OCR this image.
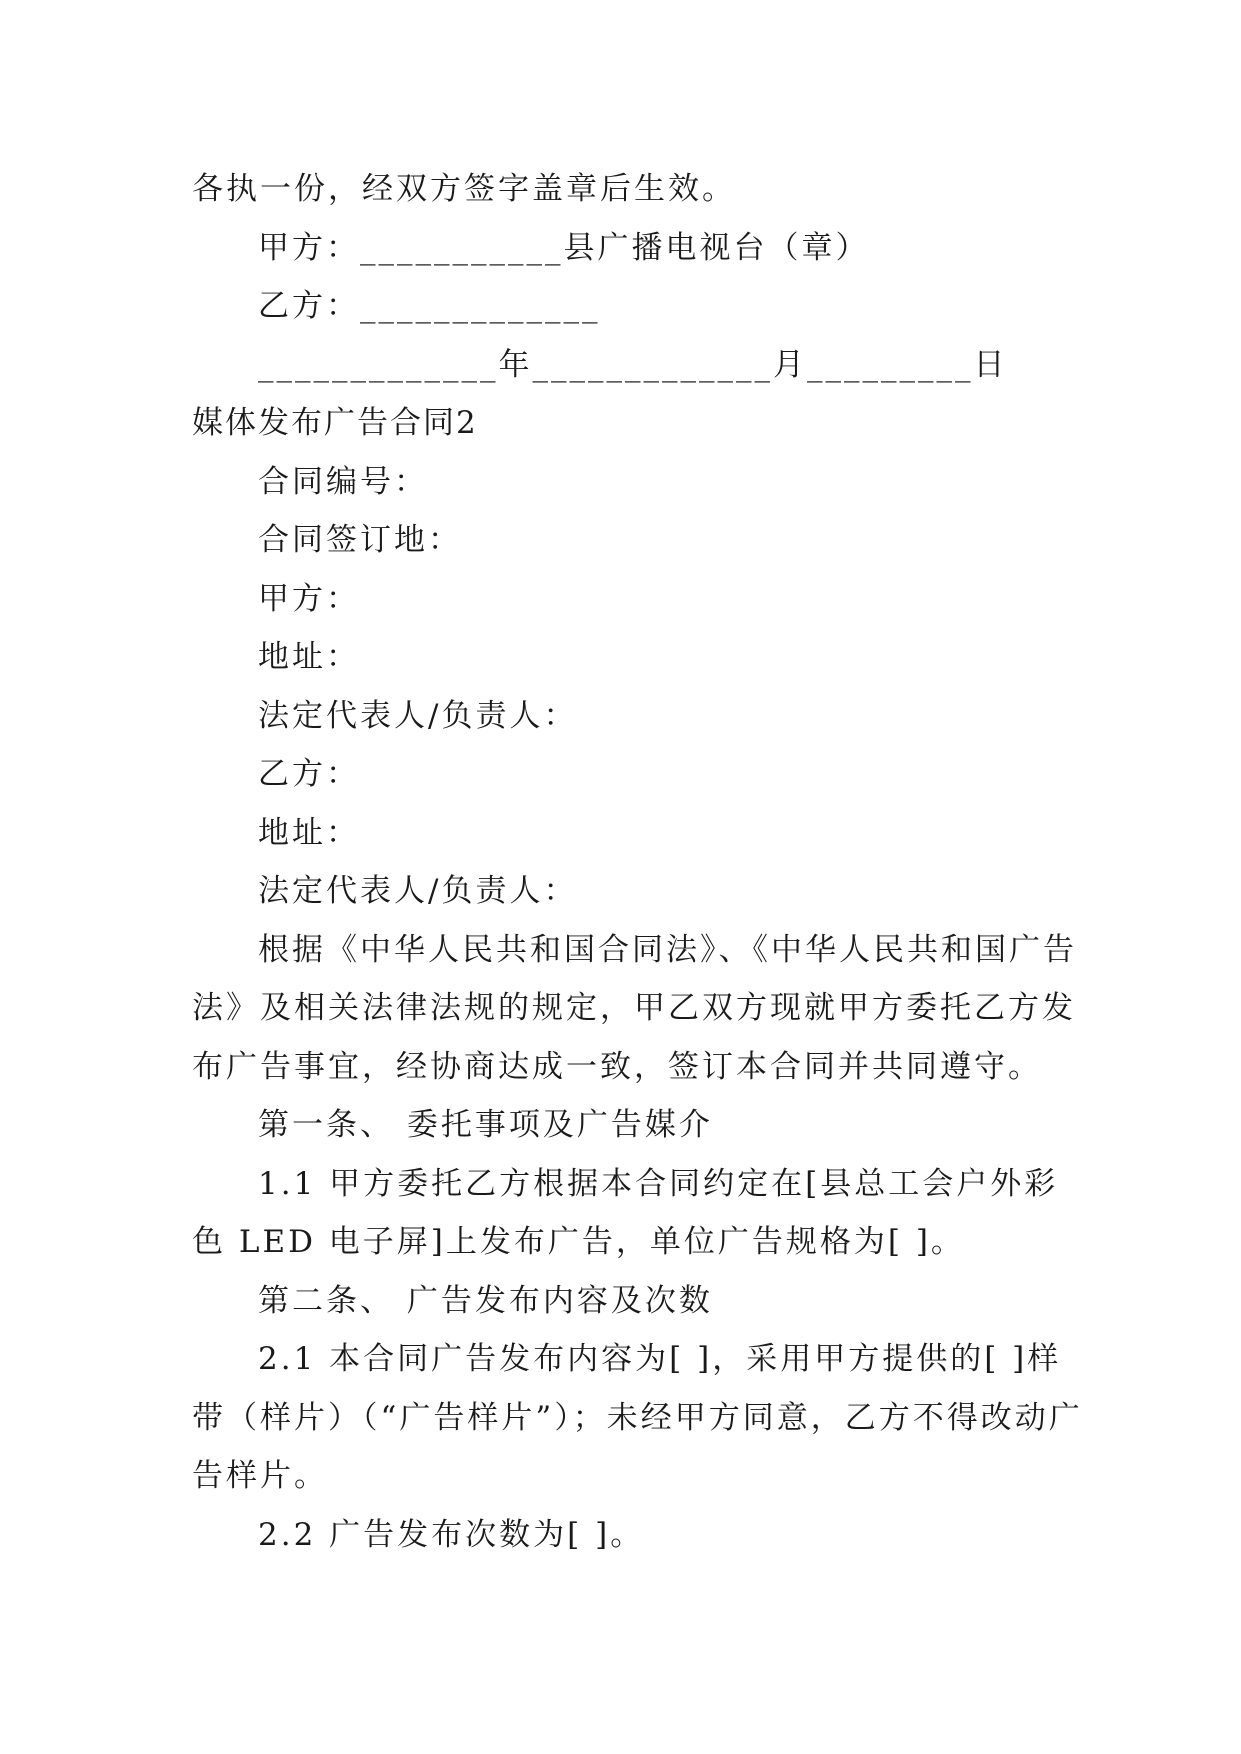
各执一份，经双方签字盖章后生效。
甲方：___________县广播电视台（章）
乙方：_____________
_____________年_____________月_________日
媒体发布广告合同2
合同编号：
合同签订地：
甲方：
地址：
法定代表人/负责人：
乙方：
地址：
法定代表人/负责人：
根据《中华人民共和国合同法》、《中华人民共和国广告
法》及相关法律法规的规定，甲乙双方现就甲方委托乙方发
布广告事宜，经协商达成一致，签订本合同并共同遵守。
第一条、 委托事项及广告媒介
1.1 甲方委托乙方根据本合同约定在[县总工会户外彩
色 LED 电子屏]上发布广告，单位广告规格为[ ]。
第二条、 广告发布内容及次数
2.1 本合同广告发布内容为[ ]，采用甲方提供的[ ]样
带（样片）（“广告样片”）；未经甲方同意，乙方不得改动广
告样片。
2.2 广告发布次数为[ ]。
